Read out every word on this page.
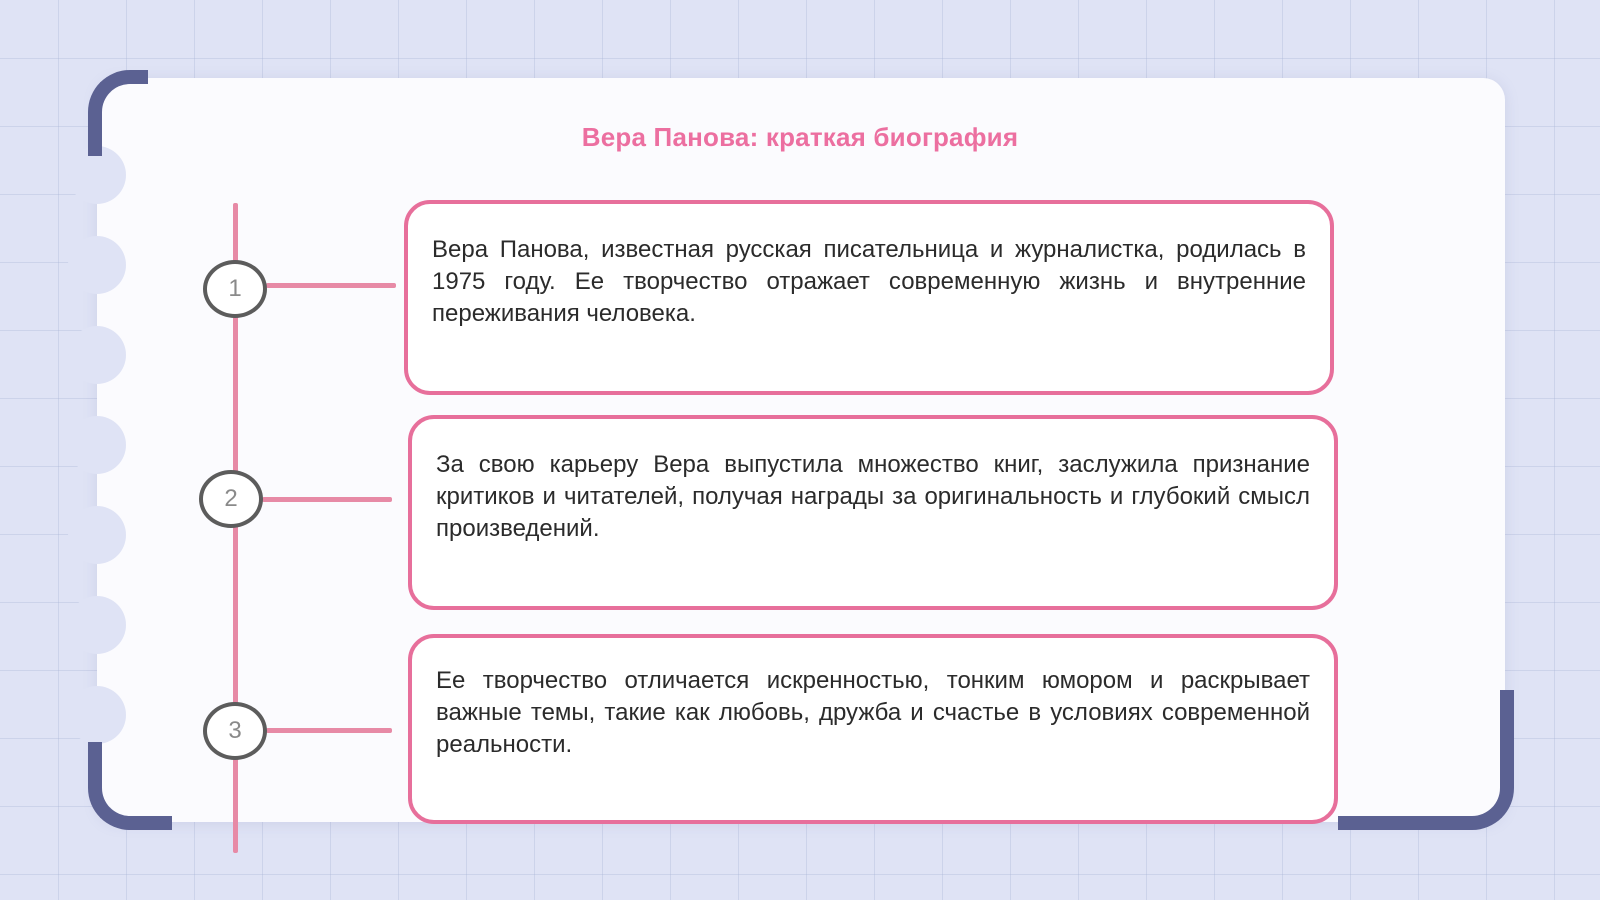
Вера Панова: краткая биография
1
Вера Панова, известная русская писательница и журналистка, родилась в 1975 году. Ее творчество отражает современную жизнь и внутренние переживания человека.
2
За свою карьеру Вера выпустила множество книг, заслужила признание критиков и читателей, получая награды за оригинальность и глубокий смысл произведений.
3
Ее творчество отличается искренностью, тонким юмором и раскрывает важные темы, такие как любовь, дружба и счастье в условиях современной реальности.
